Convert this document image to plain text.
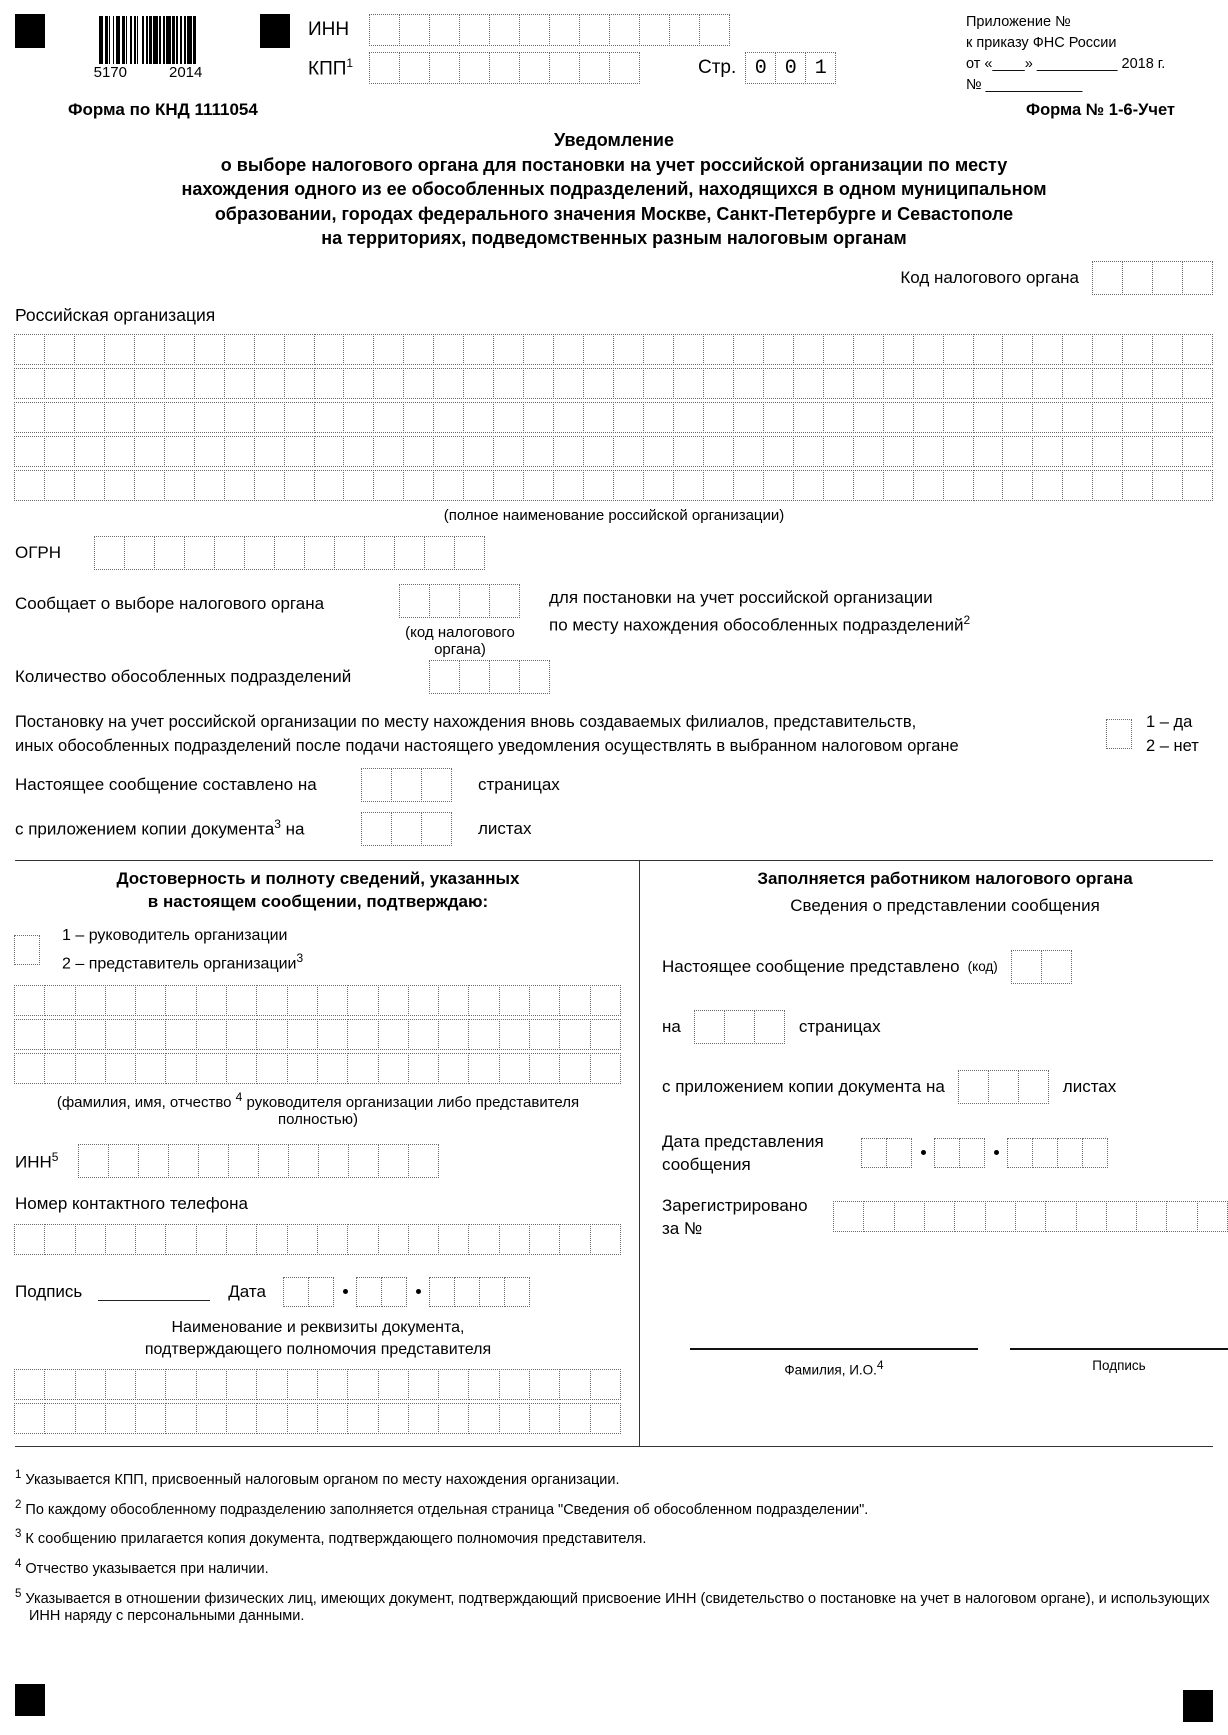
5170	2014
ИНН
КПП$^1$	Стр. 0 0 1
Приложение №
к приказу ФНС России
от «____» __________ 2018 г.
№ ____________
Форма по КНД 1111054	Форма № 1-6-Учет
Уведомление
о выборе налогового органа для постановки на учет российской организации по месту
нахождения одного из ее обособленных подразделений, находящихся в одном муниципальном
образовании, городах федерального значения Москве, Санкт-Петербурге и Севастополе
на территориях, подведомственных разным налоговым органам
Код налогового органа
Российская организация
(полное наименование российской организации)
ОГРН
Сообщает о выборе налогового органа
(код налогового органа)
для постановки на учет российской организации
по месту нахождения обособленных подразделений$^2$
Количество обособленных подразделений
Постановку на учет российской организации по месту нахождения вновь создаваемых филиалов, представительств,
иных обособленных подразделений после подачи настоящего уведомления осуществлять в выбранном налоговом органе
1 – да
2 – нет
Настоящее сообщение составлено на	страницах
с приложением копии документа$^3$ на	листах
Достоверность и полноту сведений, указанных
в настоящем сообщении, подтверждаю:
1 – руководитель организации
2 – представитель организации$^3$
(фамилия, имя, отчество $^4$ руководителя организации либо представителя полностью)
ИНН$^5$
Номер контактного телефона
Подпись	Дата
Наименование и реквизиты документа,
подтверждающего полномочия представителя
Заполняется работником налогового органа
Сведения о представлении сообщения
Настоящее сообщение представлено (код)
на	страницах
с приложением копии документа на	листах
Дата представления
сообщения
Зарегистрировано
за №
Фамилия, И.О.$^4$	Подпись
$^1$ Указывается КПП, присвоенный налоговым органом по месту нахождения организации.
$^2$ По каждому обособленному подразделению заполняется отдельная страница "Сведения об обособленном подразделении".
$^3$ К сообщению прилагается копия документа, подтверждающего полномочия представителя.
$^4$ Отчество указывается при наличии.
$^5$ Указывается в отношении физических лиц, имеющих документ, подтверждающий присвоение ИНН (свидетельство о постановке на учет в налоговом органе), и использующих ИНН наряду с персональными данными.
